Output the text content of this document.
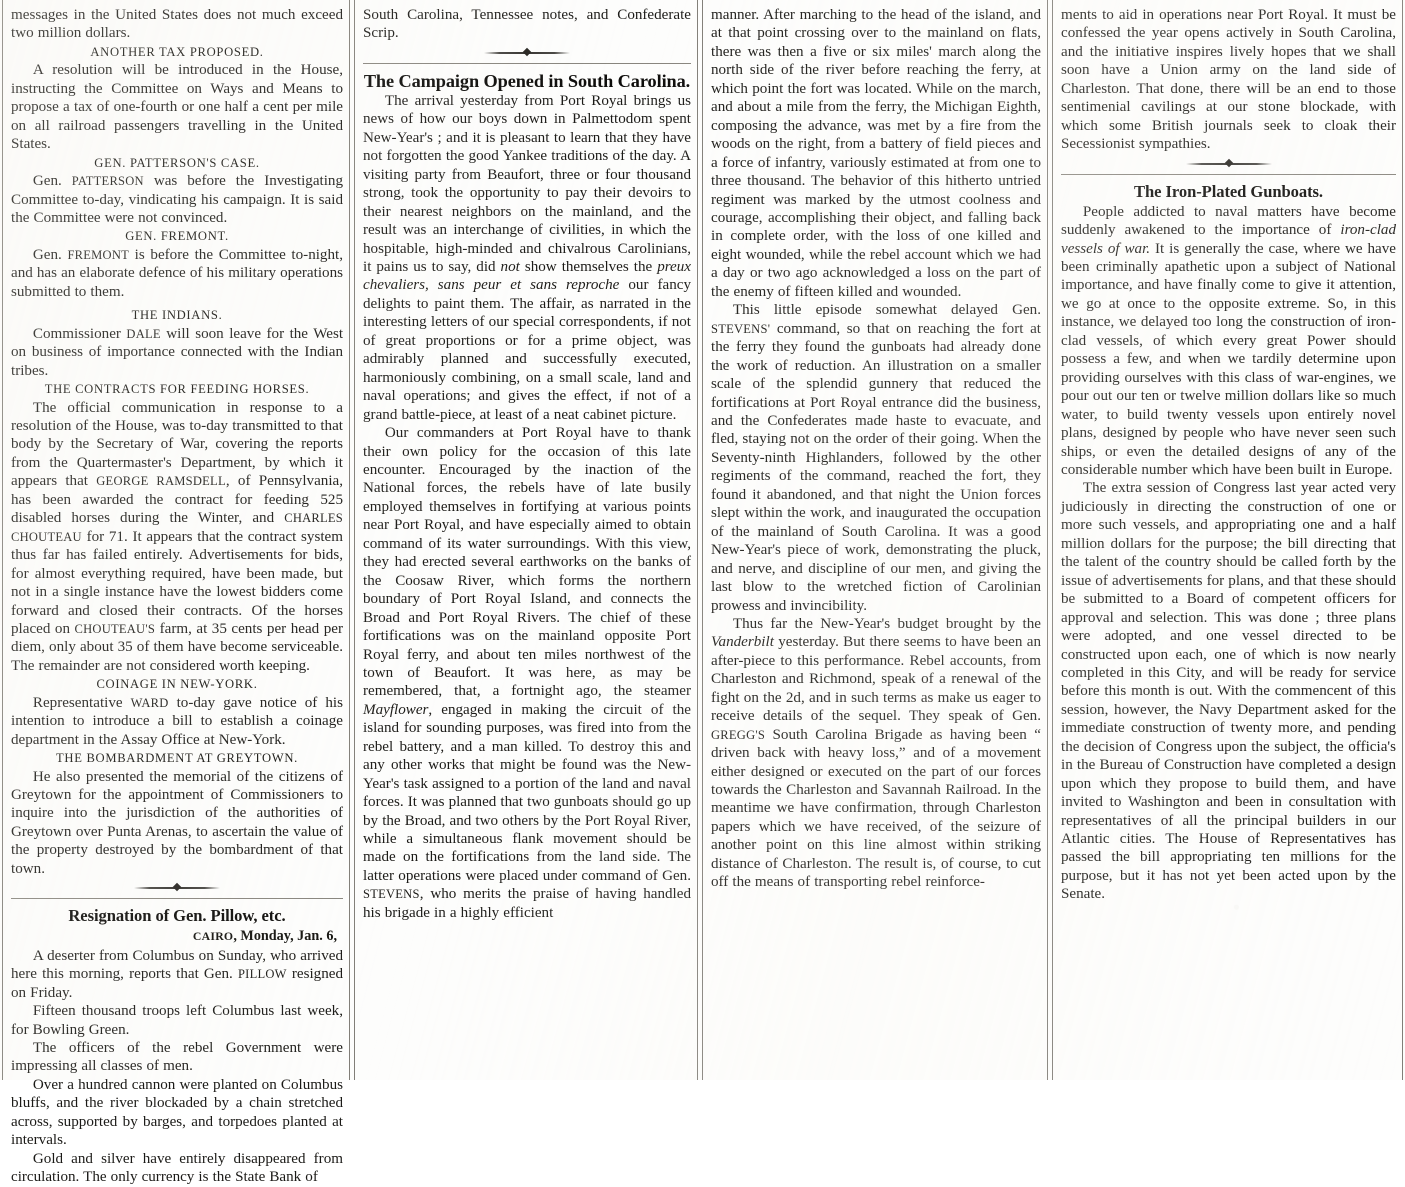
messages in the United States does not much exceed two million dollars.

ANOTHER TAX PROPOSED.

A resolution will be introduced in the House, instructing the Committee on Ways and Means to propose a tax of one-fourth or one half a cent per mile on all railroad passengers travelling in the United States.

GEN. PATTERSON'S CASE.

Gen. PATTERSON was before the Investigating Committee to-day, vindicating his campaign. It is said the Committee were not convinced.

GEN. FREMONT.

Gen. FREMONT is before the Committee to-night, and has an elaborate defence of his military operations submitted to them.

THE INDIANS.

Commissioner DALE will soon leave for the West on business of importance connected with the Indian tribes.

THE CONTRACTS FOR FEEDING HORSES.

The official communication in response to a resolution of the House, was to-day transmitted to that body by the Secretary of War, covering the reports from the Quartermaster's Department, by which it appears that GEORGE RAMSDELL, of Pennsylvania, has been awarded the contract for feeding 525 disabled horses during the Winter, and CHARLES CHOUTEAU for 71. It appears that the contract system thus far has failed entirely. Advertisements for bids, for almost everything required, have been made, but not in a single instance have the lowest bidders come forward and closed their contracts. Of the horses placed on CHOUTEAU'S farm, at 35 cents per head per diem, only about 35 of them have become serviceable. The remainder are not considered worth keeping.

COINAGE IN NEW-YORK.

Representative WARD to-day gave notice of his intention to introduce a bill to establish a coinage department in the Assay Office at New-York.

THE BOMBARDMENT AT GREYTOWN.

He also presented the memorial of the citizens of Greytown for the appointment of Commissioners to inquire into the jurisdiction of the authorities of Greytown over Punta Arenas, to ascertain the value of the property destroyed by the bombardment of that town.

Resignation of Gen. Pillow, etc.

CAIRO, Monday, Jan. 6,

A deserter from Columbus on Sunday, who arrived here this morning, reports that Gen. PILLOW resigned on Friday.

Fifteen thousand troops left Columbus last week, for Bowling Green.

The officers of the rebel Government were impressing all classes of men.

Over a hundred cannon were planted on Columbus bluffs, and the river blockaded by a chain stretched across, supported by barges, and torpedoes planted at intervals.

Gold and silver have entirely disappeared from circulation. The only currency is the State Bank of

South Carolina, Tennessee notes, and Confederate Scrip.

The Campaign Opened in South Carolina.

The arrival yesterday from Port Royal brings us news of how our boys down in Palmettodom spent New-Year's ; and it is pleasant to learn that they have not forgotten the good Yankee traditions of the day. A visiting party from Beaufort, three or four thousand strong, took the opportunity to pay their devoirs to their nearest neighbors on the mainland, and the result was an interchange of civilities, in which the hospitable, high-minded and chivalrous Carolinians, it pains us to say, did not show themselves the preux chevaliers, sans peur et sans reproche our fancy delights to paint them. The affair, as narrated in the interesting letters of our special correspondents, if not of great proportions or for a prime object, was admirably planned and successfully executed, harmoniously combining, on a small scale, land and naval operations; and gives the effect, if not of a grand battle-piece, at least of a neat cabinet picture.

Our commanders at Port Royal have to thank their own policy for the occasion of this late encounter. Encouraged by the inaction of the National forces, the rebels have of late busily employed themselves in fortifying at various points near Port Royal, and have especially aimed to obtain command of its water surroundings. With this view, they had erected several earthworks on the banks of the Coosaw River, which forms the northern boundary of Port Royal Island, and connects the Broad and Port Royal Rivers. The chief of these fortifications was on the mainland opposite Port Royal ferry, and about ten miles northwest of the town of Beaufort. It was here, as may be remembered, that, a fortnight ago, the steamer Mayflower, engaged in making the circuit of the island for sounding purposes, was fired into from the rebel battery, and a man killed. To destroy this and any other works that might be found was the New-Year's task assigned to a portion of the land and naval forces. It was planned that two gunboats should go up by the Broad, and two others by the Port Royal River, while a simultaneous flank movement should be made on the fortifications from the land side. The latter operations were placed under command of Gen. STEVENS, who merits the praise of having handled his brigade in a highly efficient

manner. After marching to the head of the island, and at that point crossing over to the mainland on flats, there was then a five or six miles' march along the north side of the river before reaching the ferry, at which point the fort was located. While on the march, and about a mile from the ferry, the Michigan Eighth, composing the advance, was met by a fire from the woods on the right, from a battery of field pieces and a force of infantry, variously estimated at from one to three thousand. The behavior of this hitherto untried regiment was marked by the utmost coolness and courage, accomplishing their object, and falling back in complete order, with the loss of one killed and eight wounded, while the rebel account which we had a day or two ago acknowledged a loss on the part of the enemy of fifteen killed and wounded.

This little episode somewhat delayed Gen. STEVENS' command, so that on reaching the fort at the ferry they found the gunboats had already done the work of reduction. An illustration on a smaller scale of the splendid gunnery that reduced the fortifications at Port Royal entrance did the business, and the Confederates made haste to evacuate, and fled, staying not on the order of their going. When the Seventy-ninth Highlanders, followed by the other regiments of the command, reached the fort, they found it abandoned, and that night the Union forces slept within the work, and inaugurated the occupation of the mainland of South Carolina. It was a good New-Year's piece of work, demonstrating the pluck, and nerve, and discipline of our men, and giving the last blow to the wretched fiction of Carolinian prowess and invincibility.

Thus far the New-Year's budget brought by the Vanderbilt yesterday. But there seems to have been an after-piece to this performance. Rebel accounts, from Charleston and Richmond, speak of a renewal of the fight on the 2d, and in such terms as make us eager to receive details of the sequel. They speak of Gen. GREGG'S South Carolina Brigade as having been “ driven back with heavy loss,” and of a movement either designed or executed on the part of our forces towards the Charleston and Savannah Railroad. In the meantime we have confirmation, through Charleston papers which we have received, of the seizure of another point on this line almost within striking distance of Charleston. The result is, of course, to cut off the means of transporting rebel reinforce-

ments to aid in operations near Port Royal. It must be confessed the year opens actively in South Carolina, and the initiative inspires lively hopes that we shall soon have a Union army on the land side of Charleston. That done, there will be an end to those sentimenial cavilings at our stone blockade, with which some British journals seek to cloak their Secessionist sympathies.

The Iron-Plated Gunboats.

People addicted to naval matters have become suddenly awakened to the importance of iron-clad vessels of war. It is generally the case, where we have been criminally apathetic upon a subject of National importance, and have finally come to give it attention, we go at once to the opposite extreme. So, in this instance, we delayed too long the construction of iron-clad vessels, of which every great Power should possess a few, and when we tardily determine upon providing ourselves with this class of war-engines, we pour out our ten or twelve million dollars like so much water, to build twenty vessels upon entirely novel plans, designed by people who have never seen such ships, or even the detailed designs of any of the considerable number which have been built in Europe.

The extra session of Congress last year acted very judiciously in directing the construction of one or more such vessels, and appropriating one and a half million dollars for the purpose; the bill directing that the talent of the country should be called forth by the issue of advertisements for plans, and that these should be submitted to a Board of competent officers for approval and selection. This was done ; three plans were adopted, and one vessel directed to be constructed upon each, one of which is now nearly completed in this City, and will be ready for service before this month is out. With the commencent of this session, however, the Navy Department asked for the immediate construction of twenty more, and pending the decision of Congress upon the subject, the officia's in the Bureau of Construction have completed a design upon which they propose to build them, and have invited to Washington and been in consultation with representatives of all the principal builders in our Atlantic cities. The House of Representatives has passed the bill appropriating ten millions for the purpose, but it has not yet been acted upon by the Senate.
